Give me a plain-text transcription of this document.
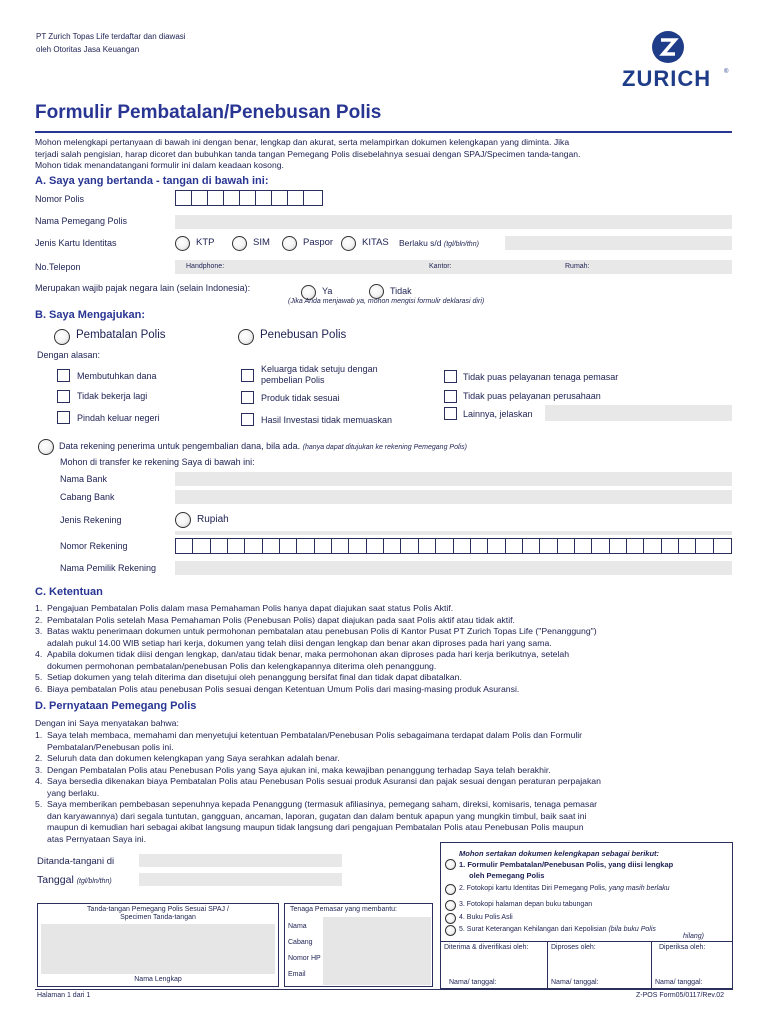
PT Zurich Topas Life terdaftar dan diawasi
oleh Otoritas Jasa Keuangan
ZURICH ®
Formulir Pembatalan/Penebusan Polis
Mohon melengkapi pertanyaan di bawah ini dengan benar, lengkap dan akurat, serta melampirkan dokumen kelengkapan yang diminta. Jika
terjadi salah pengisian, harap dicoret dan bubuhkan tanda tangan Pemegang Polis disebelahnya sesuai dengan SPAJ/Specimen tanda-tangan.
Mohon tidak menandatangani formulir ini dalam keadaan kosong.
A. Saya yang bertanda - tangan di bawah ini:
Nomor Polis
Nama Pemegang Polis
Jenis Kartu Identitas	KTP	SIM	Paspor	KITAS Berlaku s/d (tgl/bln/thn)
No.Telepon	Handphone:	Kantor:	Rumah:
Merupakan wajib pajak negara lain (selain Indonesia):	Ya	Tidak
(Jika Anda menjawab ya, mohon mengisi formulir deklarasi diri)
B. Saya Mengajukan:
Pembatalan Polis	Penebusan Polis
Dengan alasan:
Membutuhkan dana
Tidak bekerja lagi
Pindah keluar negeri
Keluarga tidak setuju dengan
pembelian Polis
Produk tidak sesuai
Hasil Investasi tidak memuaskan
Tidak puas pelayanan tenaga pemasar
Tidak puas pelayanan perusahaan
Lainnya, jelaskan
Data rekening penerima untuk pengembalian dana, bila ada. (hanya dapat ditujukan ke rekening Pemegang Polis)
Mohon di transfer ke rekening Saya di bawah ini:
Nama Bank
Cabang Bank
Jenis Rekening	Rupiah
Nomor Rekening
Nama Pemilik Rekening
C. Ketentuan
1. Pengajuan Pembatalan Polis dalam masa Pemahaman Polis hanya dapat diajukan saat status Polis Aktif.
2. Pembatalan Polis setelah Masa Pemahaman Polis (Penebusan Polis) dapat diajukan pada saat Polis aktif atau tidak aktif.
3. Batas waktu penerimaan dokumen untuk permohonan pembatalan atau penebusan Polis di Kantor Pusat PT Zurich Topas Life ("Penanggung")
adalah pukul 14.00 WIB setiap hari kerja, dokumen yang telah diisi dengan lengkap dan benar akan diproses pada hari yang sama.
4. Apabila dokumen tidak diisi dengan lengkap, dan/atau tidak benar, maka permohonan akan diproses pada hari kerja berikutnya, setelah
dokumen permohonan pembatalan/penebusan Polis dan kelengkapannya diterima oleh penanggung.
5. Setiap dokumen yang telah diterima dan disetujui oleh penanggung bersifat final dan tidak dapat dibatalkan.
6. Biaya pembatalan Polis atau penebusan Polis sesuai dengan Ketentuan Umum Polis dari masing-masing produk Asuransi.
D. Pernyataan Pemegang Polis
Dengan ini Saya menyatakan bahwa:
1. Saya telah membaca, memahami dan menyetujui ketentuan Pembatalan/Penebusan Polis sebagaimana terdapat dalam Polis dan Formulir
Pembatalan/Penebusan polis ini.
2. Seluruh data dan dokumen kelengkapan yang Saya serahkan adalah benar.
3. Dengan Pembatalan Polis atau Penebusan Polis yang Saya ajukan ini, maka kewajiban penanggung terhadap Saya telah berakhir.
4. Saya bersedia dikenakan biaya Pembatalan Polis atau Penebusan Polis sesuai produk Asuransi dan pajak sesuai dengan peraturan perpajakan
yang berlaku.
5. Saya memberikan pembebasan sepenuhnya kepada Penanggung (termasuk afiliasinya, pemegang saham, direksi, komisaris, tenaga pemasar
dan karyawannya) dari segala tuntutan, gangguan, ancaman, laporan, gugatan dan dalam bentuk apapun yang mungkin timbul, baik saat ini
maupun di kemudian hari sebagai akibat langsung maupun tidak langsung dari pengajuan Pembatalan Polis atau Penebusan Polis maupun
atas Pernyataan Saya ini.
Ditanda-tangani di
Tanggal (tgl/bln/thn)
Tanda-tangan Pemegang Polis Sesuai SPAJ /
Specimen Tanda-tangan
Nama Lengkap
Tenaga Pemasar yang membantu:
Nama
Cabang
Nomor HP
Email
Mohon sertakan dokumen kelengkapan sebagai berikut:
1. Formulir Pembatalan/Penebusan Polis, yang diisi lengkap
oleh Pemegang Polis
2. Fotokopi kartu Identitas Diri Pemegang Polis, yang masih berlaku
3. Fotokopi halaman depan buku tabungan
4. Buku Polis Asli
5. Surat Keterangan Kehilangan dari Kepolisian (bila buku Polis
hilang)
Diterima & diverifikasi oleh:	Diproses oleh:	Diperiksa oleh:
Nama/ tanggal:	Nama/ tanggal:	Nama/ tanggal:
Halaman 1 dari 1	Z-POS Form05/0117/Rev.02
